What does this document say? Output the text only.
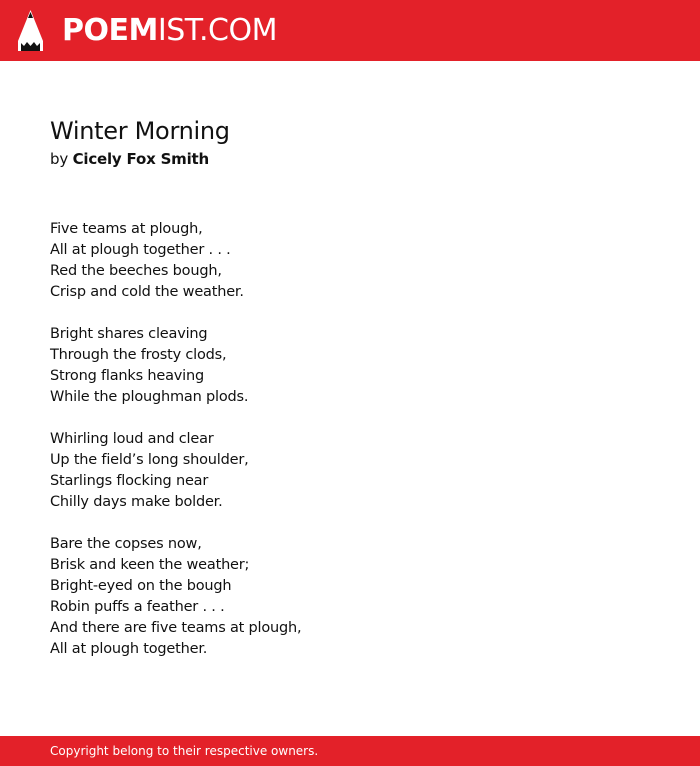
POEMIST.COM
Winter Morning
by Cicely Fox Smith
Five teams at plough,
All at plough together . . .
Red the beeches bough,
Crisp and cold the weather.
Bright shares cleaving
Through the frosty clods,
Strong flanks heaving
While the ploughman plods.
Whirling loud and clear
Up the field’s long shoulder,
Starlings flocking near
Chilly days make bolder.
Bare the copses now,
Brisk and keen the weather;
Bright-eyed on the bough
Robin puffs a feather . . .
And there are five teams at plough,
All at plough together.
Copyright belong to their respective owners.
